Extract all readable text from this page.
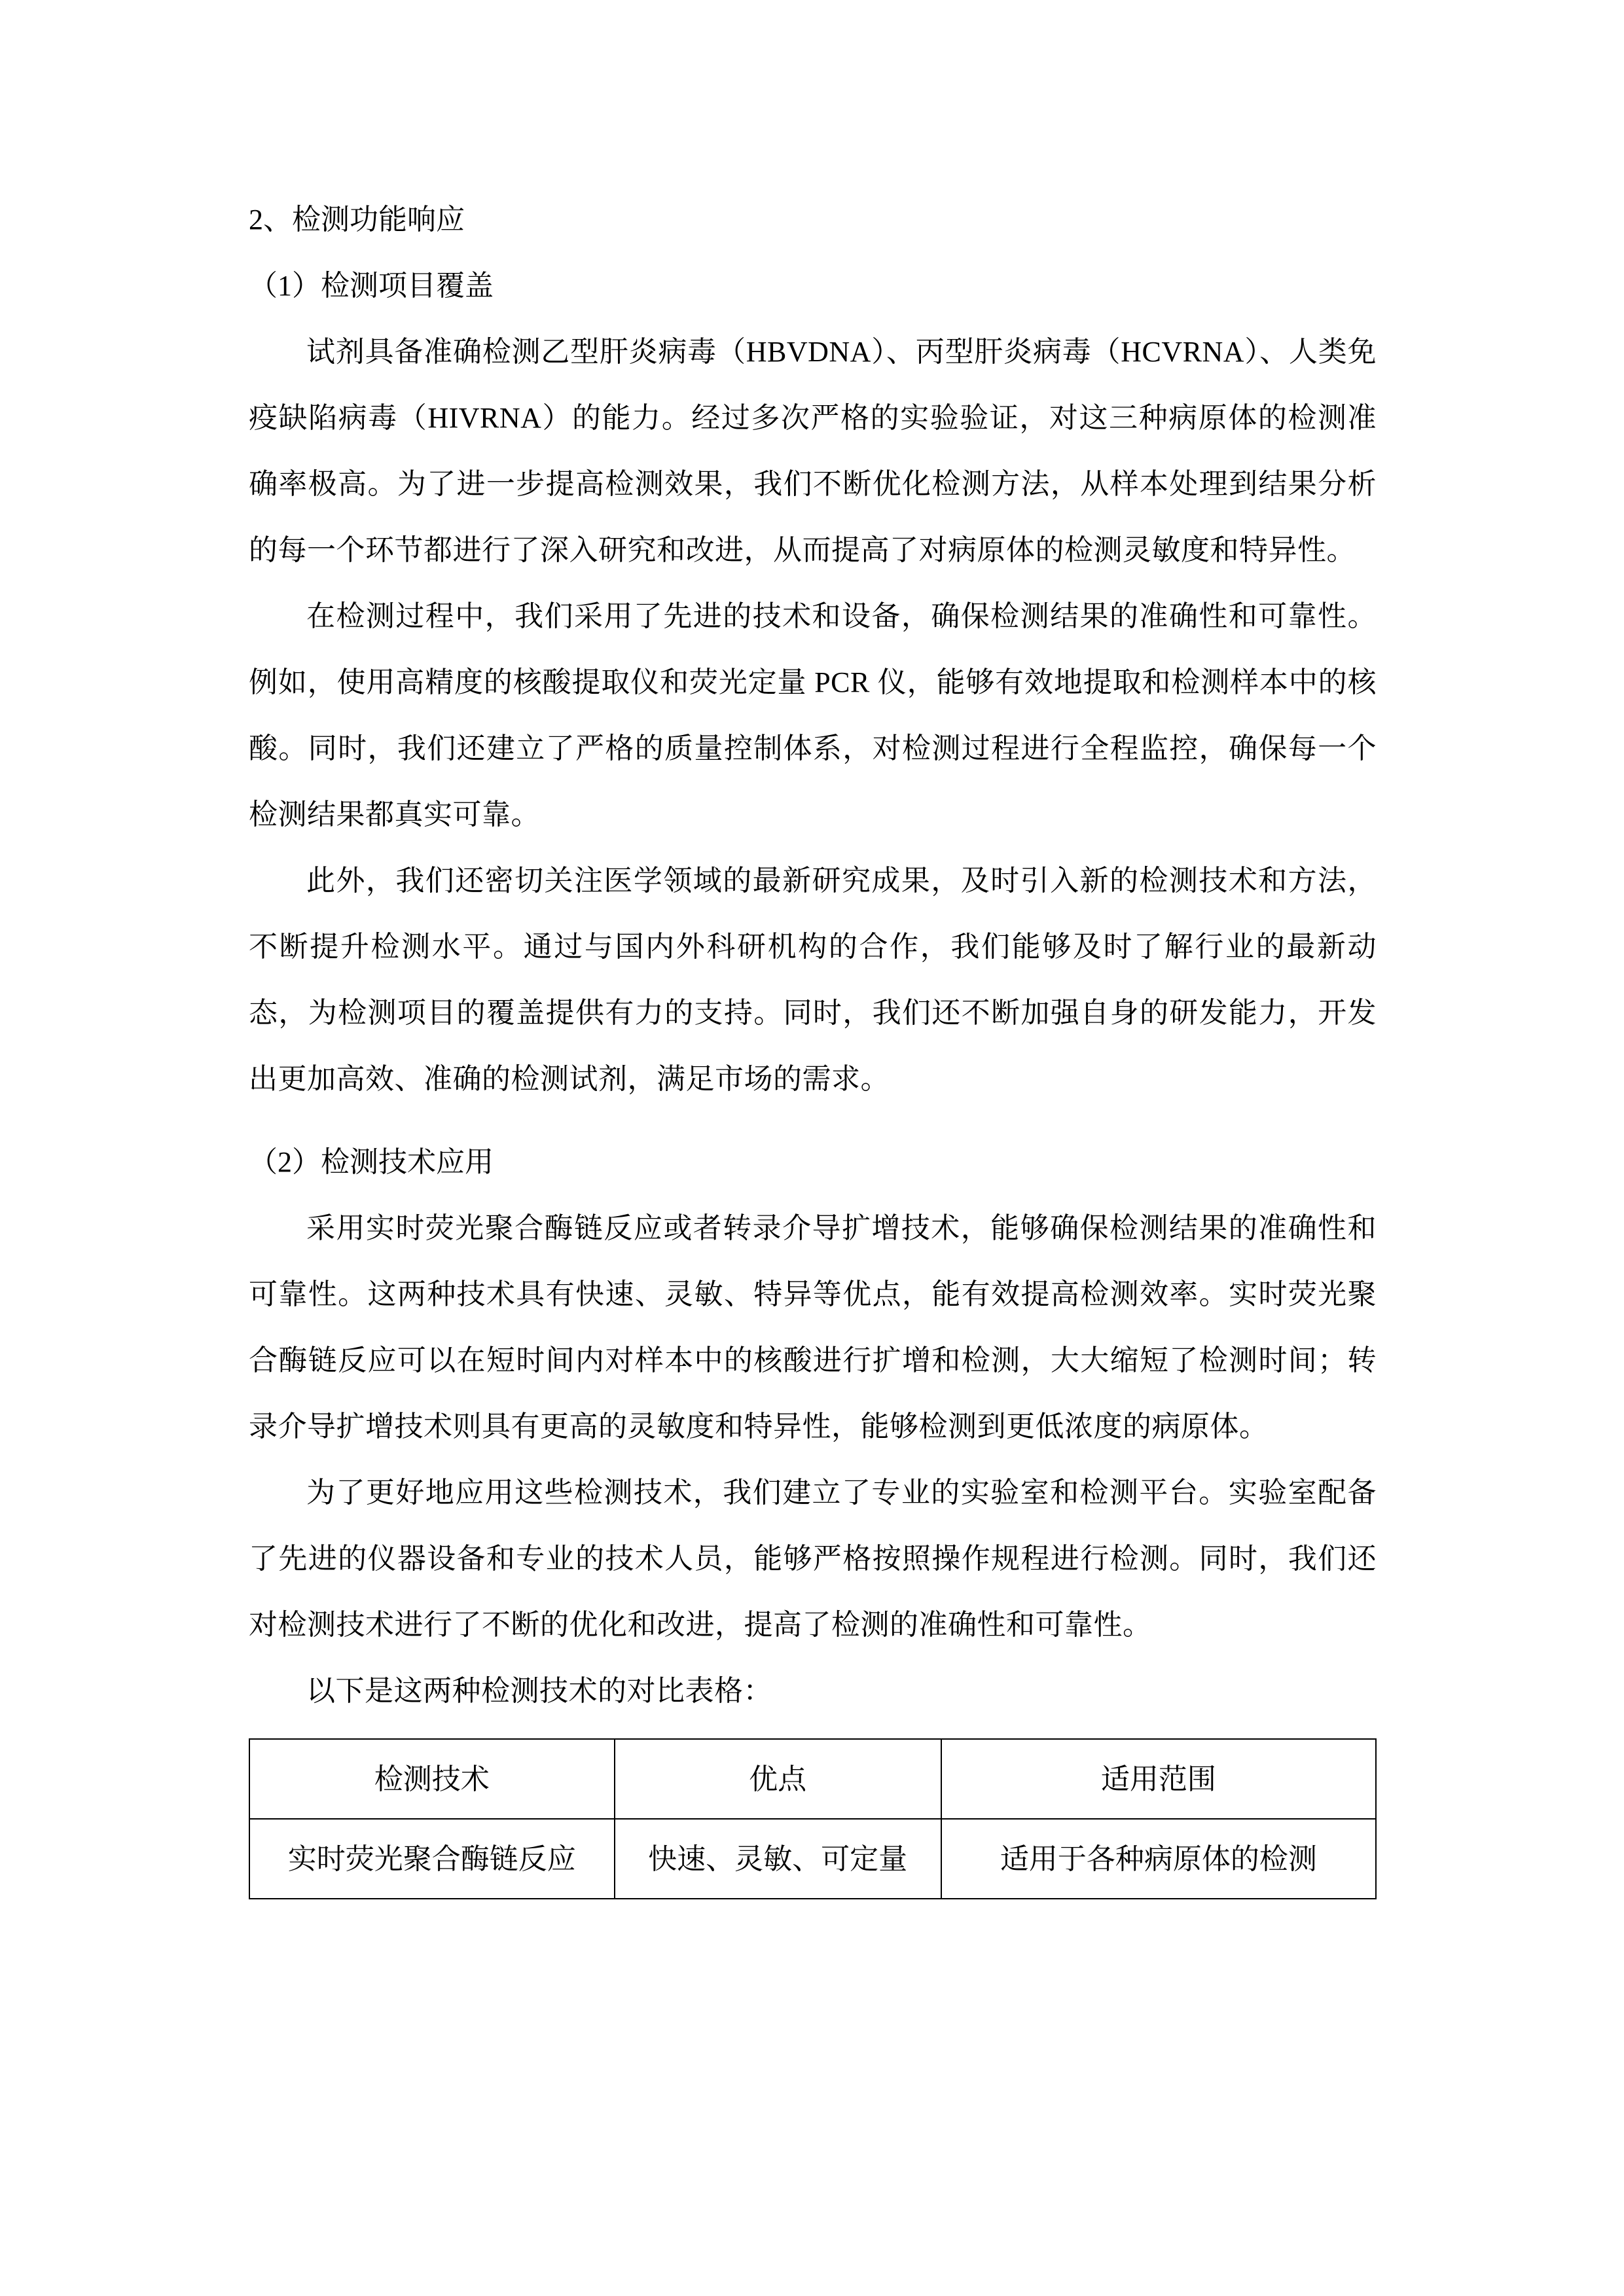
2、检测功能响应
（1）检测项目覆盖

试剂具备准确检测乙型肝炎病毒（HBVDNA）、丙型肝炎病毒（HCVRNA）、人类免疫缺陷病毒（HIVRNA）的能力。经过多次严格的实验验证，对这三种病原体的检测准确率极高。为了进一步提高检测效果，我们不断优化检测方法，从样本处理到结果分析的每一个环节都进行了深入研究和改进，从而提高了对病原体的检测灵敏度和特异性。

在检测过程中，我们采用了先进的技术和设备，确保检测结果的准确性和可靠性。例如，使用高精度的核酸提取仪和荧光定量 PCR 仪，能够有效地提取和检测样本中的核酸。同时，我们还建立了严格的质量控制体系，对检测过程进行全程监控，确保每一个检测结果都真实可靠。

此外，我们还密切关注医学领域的最新研究成果，及时引入新的检测技术和方法，不断提升检测水平。通过与国内外科研机构的合作，我们能够及时了解行业的最新动态，为检测项目的覆盖提供有力的支持。同时，我们还不断加强自身的研发能力，开发出更加高效、准确的检测试剂，满足市场的需求。

（2）检测技术应用

采用实时荧光聚合酶链反应或者转录介导扩增技术，能够确保检测结果的准确性和可靠性。这两种技术具有快速、灵敏、特异等优点，能有效提高检测效率。实时荧光聚合酶链反应可以在短时间内对样本中的核酸进行扩增和检测，大大缩短了检测时间；转录介导扩增技术则具有更高的灵敏度和特异性，能够检测到更低浓度的病原体。

为了更好地应用这些检测技术，我们建立了专业的实验室和检测平台。实验室配备了先进的仪器设备和专业的技术人员，能够严格按照操作规程进行检测。同时，我们还对检测技术进行了不断的优化和改进，提高了检测的准确性和可靠性。

以下是这两种检测技术的对比表格：

检测技术	优点	适用范围
实时荧光聚合酶链反应	快速、灵敏、可定量	适用于各种病原体的检测
